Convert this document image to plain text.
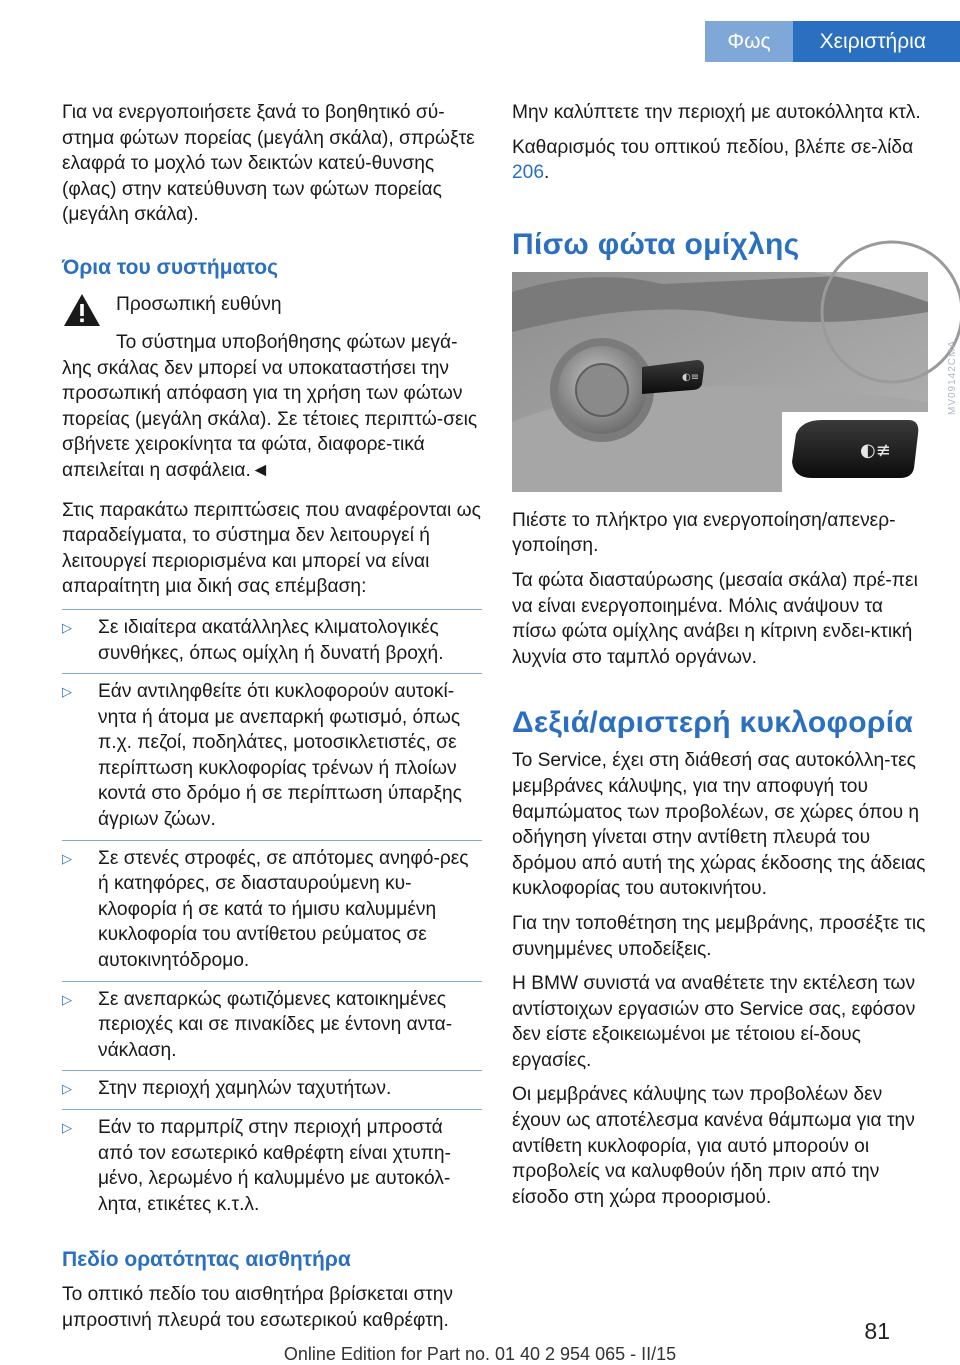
Φως	Χειριστήρια

Για να ενεργοποιήσετε ξανά το βοηθητικό σύ-στημα φώτων πορείας (μεγάλη σκάλα), σπρώξτε ελαφρά το μοχλό των δεικτών κατεύ-θυνσης (φλας) στην κατεύθυνση των φώτων πορείας (μεγάλη σκάλα).

Όρια του συστήματος
Προσωπική ευθύνη

Το σύστημα υποβοήθησης φώτων μεγά-λης σκάλας δεν μπορεί να υποκαταστήσει την προσωπική απόφαση για τη χρήση των φώτων πορείας (μεγάλη σκάλα). Σε τέτοιες περιπτώ-σεις σβήνετε χειροκίνητα τα φώτα, διαφορε-τικά απειλείται η ασφάλεια.◄

Στις παρακάτω περιπτώσεις που αναφέρονται ως παραδείγματα, το σύστημα δεν λειτουργεί ή λειτουργεί περιορισμένα και μπορεί να είναι απαραίτητη μια δική σας επέμβαση:

▷	Σε ιδιαίτερα ακατάλληλες κλιματολογικές συνθήκες, όπως ομίχλη ή δυνατή βροχή.
▷	Εάν αντιληφθείτε ότι κυκλοφορούν αυτοκί-νητα ή άτομα με ανεπαρκή φωτισμό, όπως π.χ. πεζοί, ποδηλάτες, μοτοσικλετιστές, σε περίπτωση κυκλοφορίας τρένων ή πλοίων κοντά στο δρόμο ή σε περίπτωση ύπαρξης άγριων ζώων.
▷	Σε στενές στροφές, σε απότομες ανηφό-ρες ή κατηφόρες, σε διασταυρούμενη κυ-κλοφορία ή σε κατά το ήμισυ καλυμμένη κυκλοφορία του αντίθετου ρεύματος σε αυτοκινητόδρομο.
▷	Σε ανεπαρκώς φωτιζόμενες κατοικημένες περιοχές και σε πινακίδες με έντονη αντα-νάκλαση.
▷	Στην περιοχή χαμηλών ταχυτήτων.
▷	Εάν το παρμπρίζ στην περιοχή μπροστά από τον εσωτερικό καθρέφτη είναι χτυπη-μένο, λερωμένο ή καλυμμένο με αυτοκόλ-λητα, ετικέτες κ.τ.λ.
Πεδίο ορατότητας αισθητήρα

Το οπτικό πεδίο του αισθητήρα βρίσκεται στην μπροστινή πλευρά του εσωτερικού καθρέφτη.

Μην καλύπτετε την περιοχή με αυτοκόλλητα κτλ.

Καθαρισμός του οπτικού πεδίου, βλέπε σε-λίδα 206.

Πίσω φώτα ομίχλης
◐≡
◐≢
MV09142CMA

Πιέστε το πλήκτρο για ενεργοποίηση/απενερ-γοποίηση.

Τα φώτα διασταύρωσης (μεσαία σκάλα) πρέ-πει να είναι ενεργοποιημένα. Μόλις ανάψουν τα πίσω φώτα ομίχλης ανάβει η κίτρινη ενδει-κτική λυχνία στο ταμπλό οργάνων.

Δεξιά/αριστερή κυκλοφορία

Το Service, έχει στη διάθεσή σας αυτοκόλλη-τες μεμβράνες κάλυψης, για την αποφυγή του θαμπώματος των προβολέων, σε χώρες όπου η οδήγηση γίνεται στην αντίθετη πλευρά του δρόμου από αυτή της χώρας έκδοσης της άδειας κυκλοφορίας του αυτοκινήτου.

Για την τοποθέτηση της μεμβράνης, προσέξτε τις συνημμένες υποδείξεις.

Η BMW συνιστά να αναθέτετε την εκτέλεση των αντίστοιχων εργασιών στο Service σας, εφόσον δεν είστε εξοικειωμένοι με τέτοιου εί-δους εργασίες.

Οι μεμβράνες κάλυψης των προβολέων δεν έχουν ως αποτέλεσμα κανένα θάμπωμα για την αντίθετη κυκλοφορία, για αυτό μπορούν οι προβολείς να καλυφθούν ήδη πριν από την είσοδο στη χώρα προορισμού.

81
Online Edition for Part no. 01 40 2 954 065 - II/15
